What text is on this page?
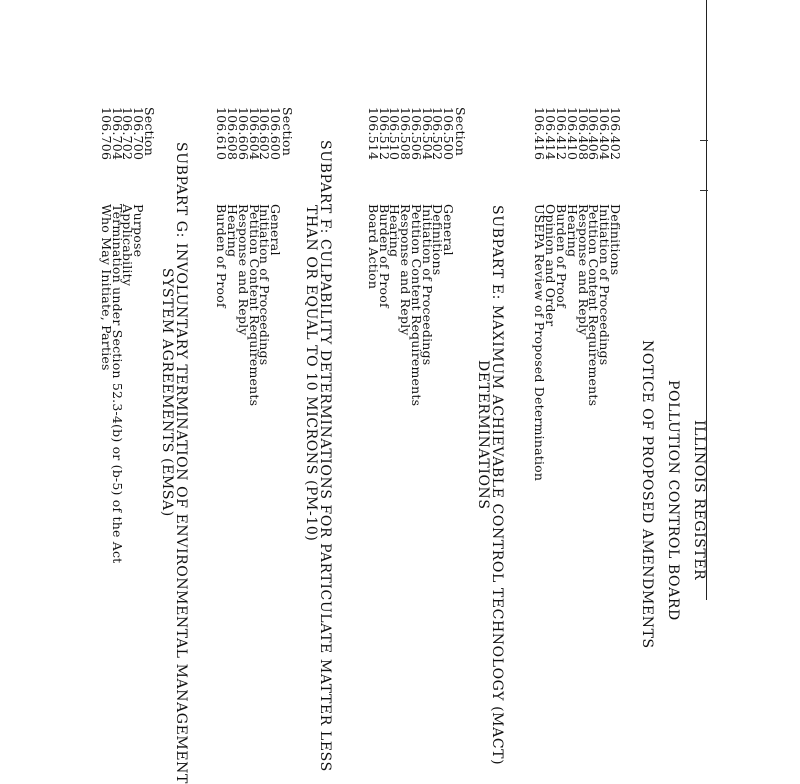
ILLINOIS REGISTER
POLLUTION CONTROL BOARD
NOTICE OF PROPOSED AMENDMENTS
SUBPART E: MAXIMUM ACHIEVABLE CONTROL TECHNOLOGY (MACT)
DETERMINATIONS
Section
SUBPART F: CULPABILITY DETERMINATIONS FOR PARTICULATE MATTER LESS
THAN OR EQUAL TO 10 MICRONS (PM-10)
Section
SUBPART G: INVOLUNTARY TERMINATION OF ENVIRONMENTAL MANAGEMENT
SYSTEM AGREEMENTS (EMSA)
Section	106.402
Definitions
106.404
Initiation of Proceedings
106.406
Petition Content Requirements
106.408
Response and Reply
106.410
Hearing
106.412
Burden of Proof
106.414
Opinion and Order
106.416
USEPA Review of Proposed Determination
106.500
General
106.502
Definitions
106.504
Initiation of Proceedings
106.506
Petition Content Requirements
106.508
Response and Reply
106.510
Hearing
106.512
Burden of Proof
106.514
Board Action
106.600
General
106.602
Initiation of Proceedings
106.604
Petition Content Requirements
106.606
Response and Reply
106.608
Hearing
106.610
Burden of Proof
106.700
Purpose
106.702
Applicability
106.704
Termination under Section 52.3-4(b) or (b-5) of the Act
106.706
Who May Initiate, Parties
